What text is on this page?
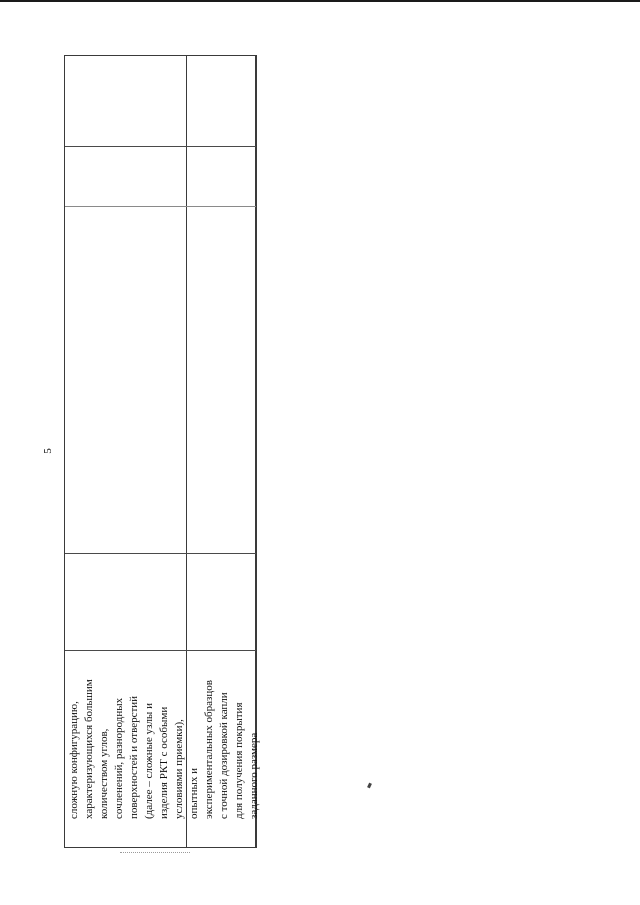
5
сложную конфигурацию, характеризующихся большим количеством углов, сочленений, разнородных поверхностей и отверстий (далее – сложные узлы и изделия РКТ с особыми условиями приемки), опытных и экспериментальных образцов с точной дозировкой капли для получения покрытия заданного размера
